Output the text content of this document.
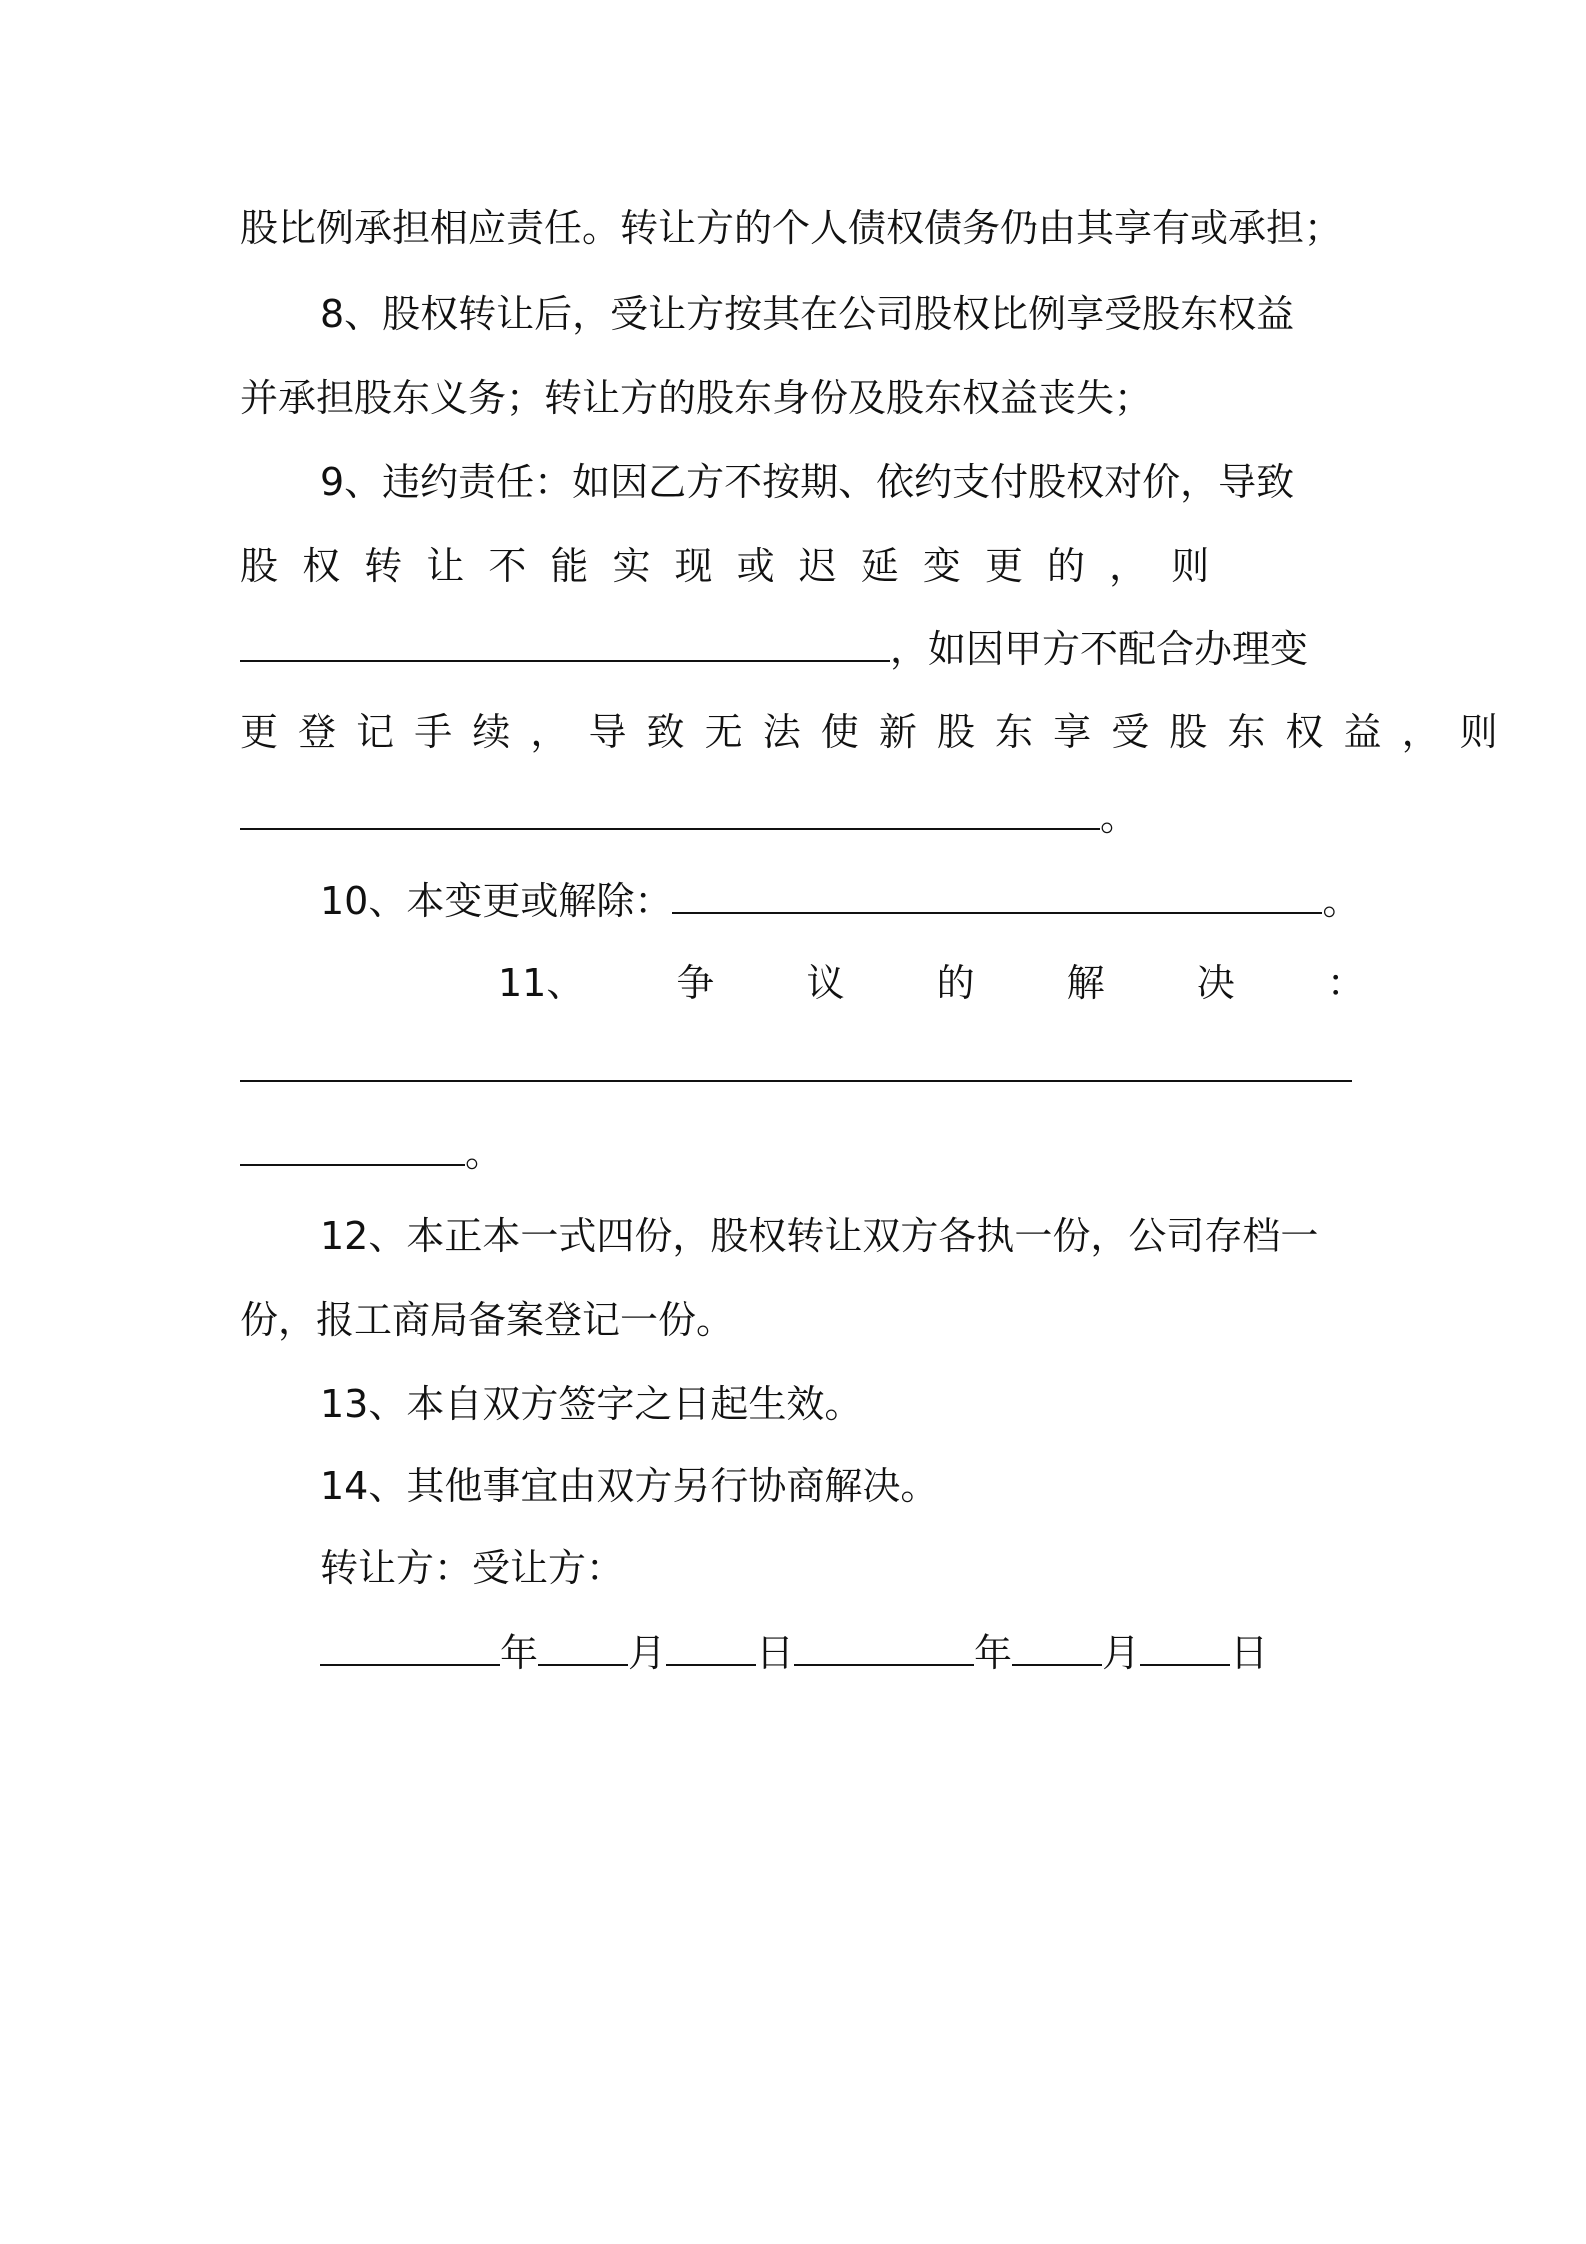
股比例承担相应责任。转让方的个人债权债务仍由其享有或承担；
8、股权转让后，受让方按其在公司股权比例享受股东权益
并承担股东义务；转让方的股东身份及股东权益丧失；
9、违约责任：如因乙方不按期、依约支付股权对价，导致
股 权 转 让 不 能 实 现 或 迟 延 变 更 的 ， 则
，如因甲方不配合办理变
更 登 记 手 续 ， 导 致 无 法 使 新 股 东 享 受 股 东 权 益 ， 则
。
10、本变更或解除：	。
11、 争 议 的 解 决 ：
。
12、本正本一式四份，股权转让双方各执一份，公司存档一
份，报工商局备案登记一份。
13、本自双方签字之日起生效。
14、其他事宜由双方另行协商解决。
转让方：受让方：
年 月 日	年 月 日
